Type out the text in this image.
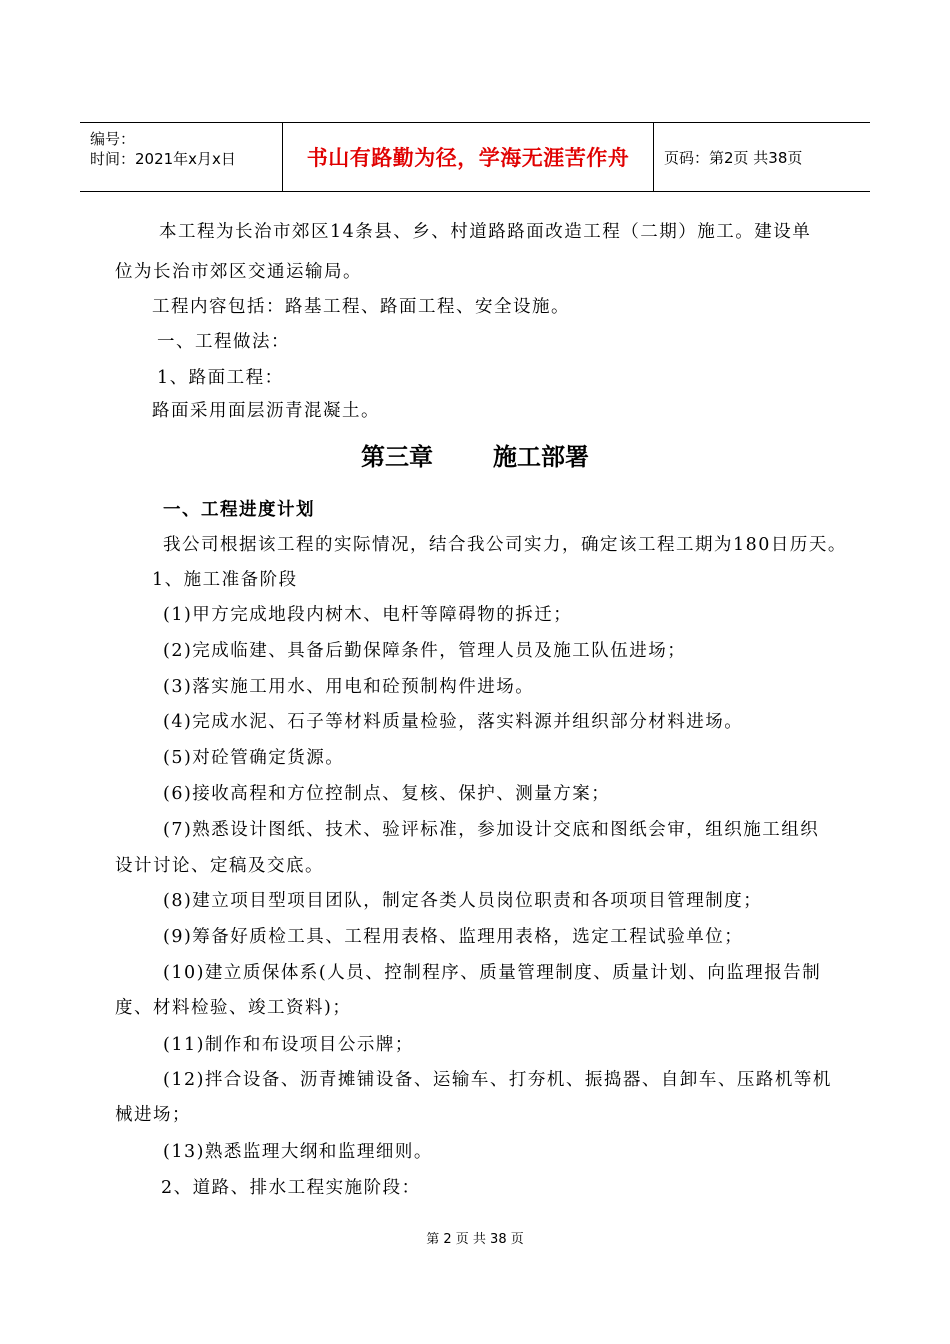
编号：
时间：2021年x月x日	书山有路勤为径，学海无涯苦作舟 页码：第2页 共38页
本工程为长治市郊区14条县、乡、村道路路面改造工程（二期）施工。建设单
位为长治市郊区交通运输局。
工程内容包括：路基工程、路面工程、安全设施。
一、工程做法：
1、路面工程：
路面采用面层沥青混凝土。
一、工程进度计划
我公司根据该工程的实际情况，结合我公司实力，确定该工程工期为180日历天。
1、施工准备阶段
(1)甲方完成地段内树木、电杆等障碍物的拆迁；
(2)完成临建、具备后勤保障条件，管理人员及施工队伍进场；
(3)落实施工用水、用电和砼预制构件进场。
(4)完成水泥、石子等材料质量检验，落实料源并组织部分材料进场。
(5)对砼管确定货源。
(6)接收高程和方位控制点、复核、保护、测量方案；
(7)熟悉设计图纸、技术、验评标准，参加设计交底和图纸会审，组织施工组织
设计讨论、定稿及交底。
(8)建立项目型项目团队，制定各类人员岗位职责和各项项目管理制度；
(9)筹备好质检工具、工程用表格、监理用表格，选定工程试验单位；
(10)建立质保体系(人员、控制程序、质量管理制度、质量计划、向监理报告制
度、材料检验、竣工资料)；
(11)制作和布设项目公示牌；
(12)拌合设备、沥青摊铺设备、运输车、打夯机、振捣器、自卸车、压路机等机
械进场；
(13)熟悉监理大纲和监理细则。
2、道路、排水工程实施阶段：
第三章	施工部署
第 2 页 共 38 页
